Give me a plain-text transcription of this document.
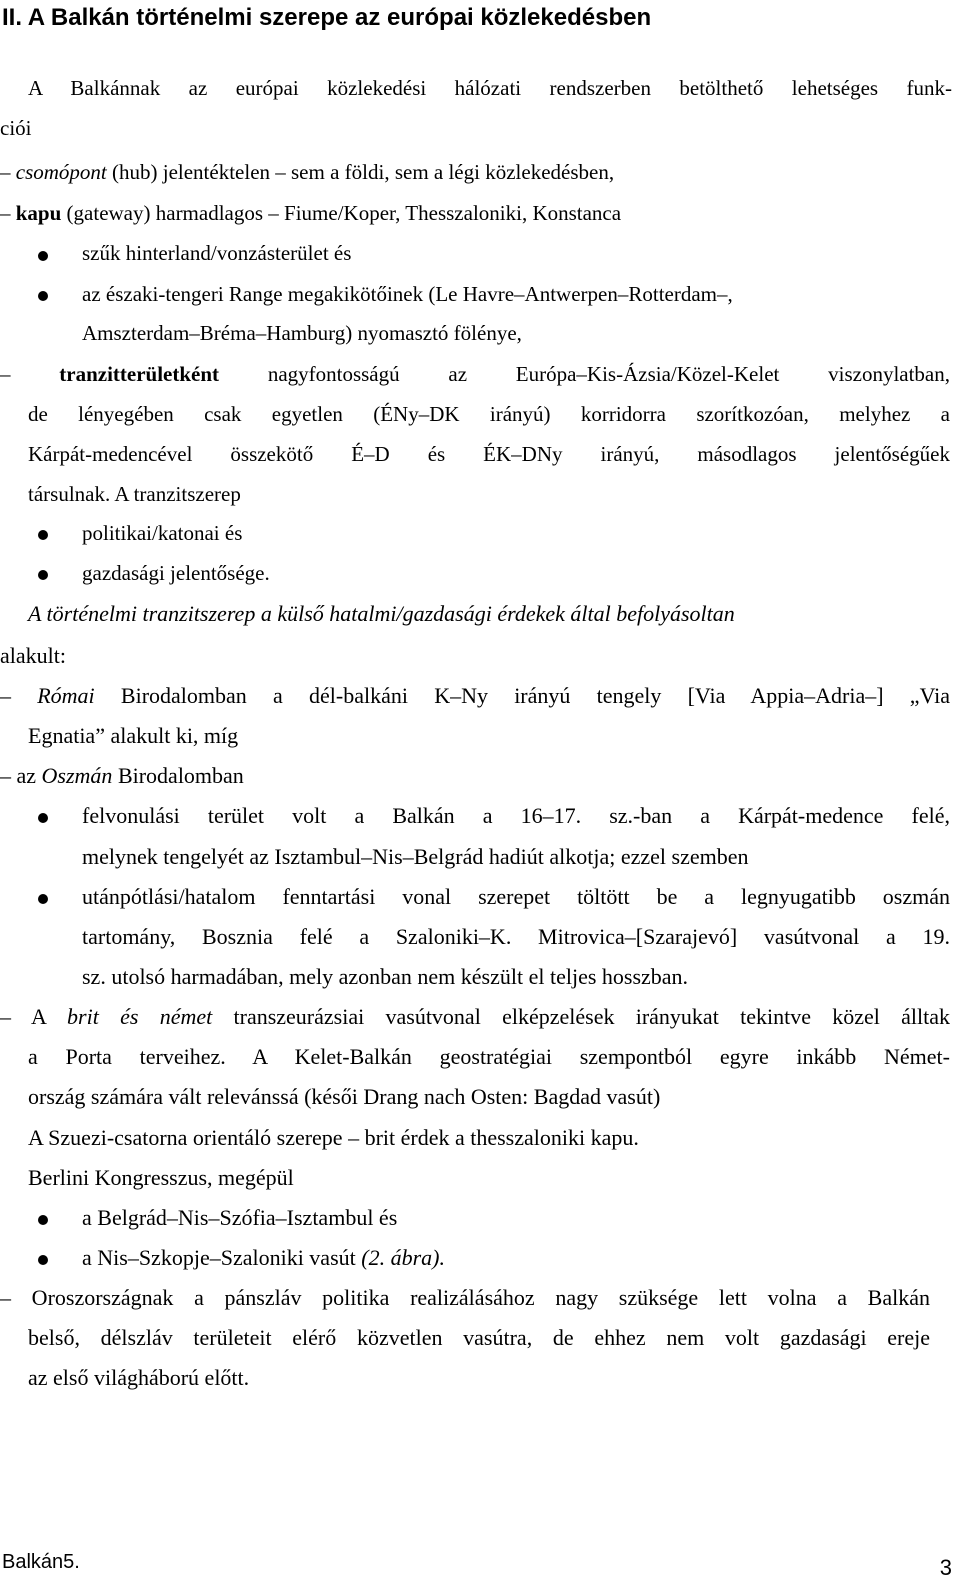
II. A Balkán történelmi szerepe az európai közlekedésben
A Balkánnak az európai közlekedési hálózati rendszerben betölthető lehetséges funk-
ciói
– csomópont (hub) jelentéktelen – sem a földi, sem a légi közlekedésben,
– kapu (gateway) harmadlagos – Fiume/Koper, Thesszaloniki, Konstanca
szűk hinterland/vonzásterület és
az északi-tengeri Range megakikötőinek (Le Havre–Antwerpen–Rotterdam–,
Amszterdam–Bréma–Hamburg) nyomasztó fölénye,
– tranzitterületként nagyfontosságú az Európa–Kis-Ázsia/Közel-Kelet viszonylatban,
de lényegében csak egyetlen (ÉNy–DK irányú) korridorra szorítkozóan, melyhez a
Kárpát-medencével összekötő É–D és ÉK–DNy irányú, másodlagos jelentőségűek
társulnak. A tranzitszerep
politikai/katonai és
gazdasági jelentősége.
A történelmi tranzitszerep a külső hatalmi/gazdasági érdekek által befolyásoltan
alakult:
– Római Birodalomban a dél-balkáni K–Ny irányú tengely [Via Appia–Adria–] „Via
Egnatia” alakult ki, míg
– az Oszmán Birodalomban
felvonulási terület volt a Balkán a 16–17. sz.-ban a Kárpát-medence felé,
melynek tengelyét az Isztambul–Nis–Belgrád hadiút alkotja; ezzel szemben
utánpótlási/hatalom fenntartási vonal szerepet töltött be a legnyugatibb oszmán
tartomány, Bosznia felé a Szaloniki–K. Mitrovica–[Szarajevó] vasútvonal a 19.
sz. utolsó harmadában, mely azonban nem készült el teljes hosszban.
– A brit és német transzeurázsiai vasútvonal elképzelések irányukat tekintve közel álltak
a Porta terveihez. A Kelet-Balkán geostratégiai szempontból egyre inkább Német-
ország számára vált relevánssá (késői Drang nach Osten: Bagdad vasút)
A Szuezi-csatorna orientáló szerepe – brit érdek a thesszaloniki kapu.
Berlini Kongresszus, megépül
a Belgrád–Nis–Szófia–Isztambul és
a Nis–Szkopje–Szaloniki vasút (2. ábra).
– Oroszországnak a pánszláv politika realizálásához nagy szüksége lett volna a Balkán
belső, délszláv területeit elérő közvetlen vasútra, de ehhez nem volt gazdasági ereje
az első világháború előtt.
Balkán5.	3
